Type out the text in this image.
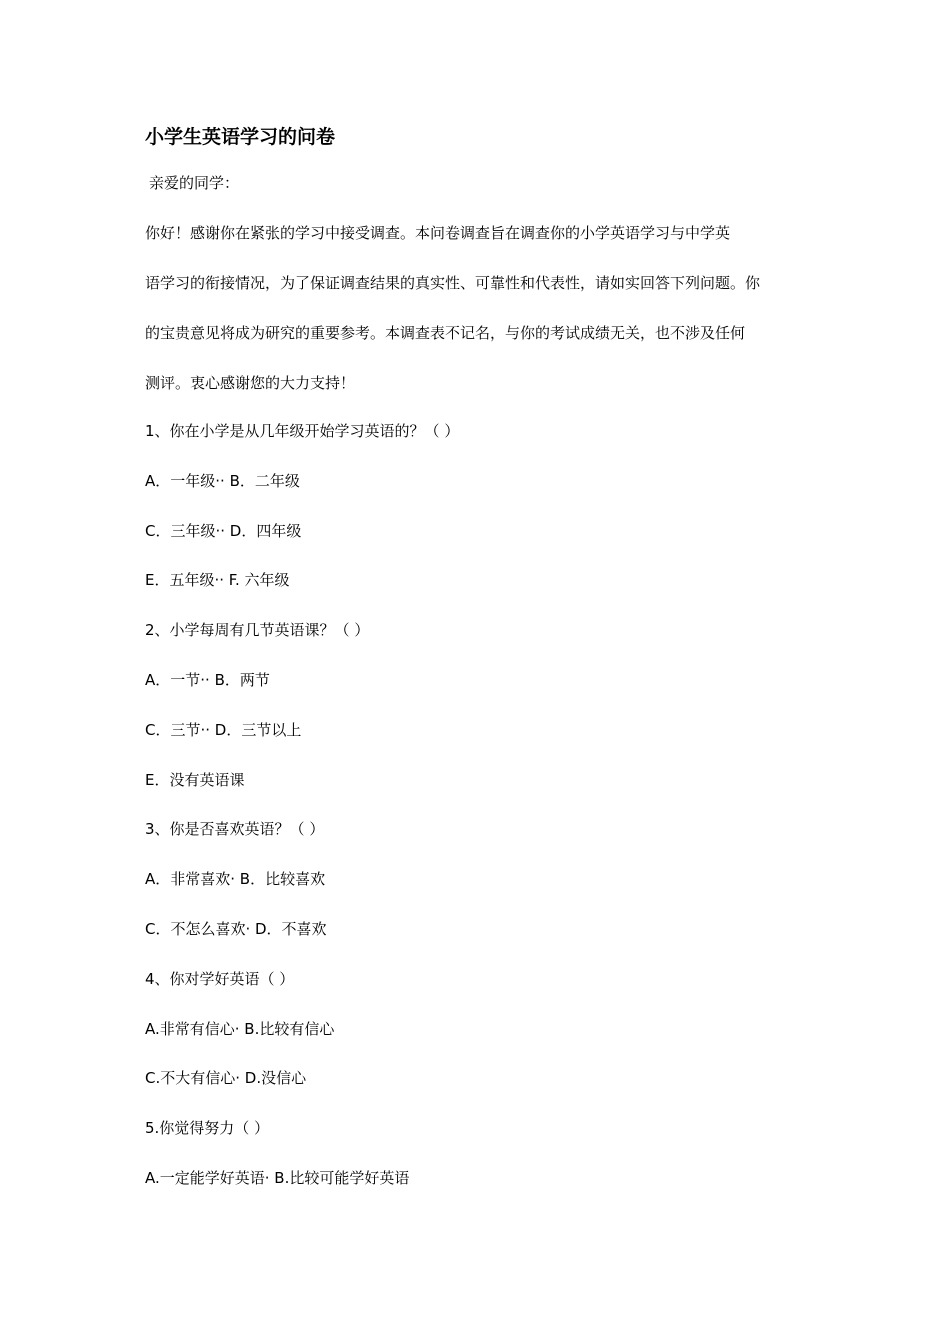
小学生英语学习的问卷
亲爱的同学：
你好！感谢你在紧张的学习中接受调查。本问卷调查旨在调查你的小学英语学习与中学英
语学习的衔接情况，为了保证调查结果的真实性、可靠性和代表性，请如实回答下列问题。你
的宝贵意见将成为研究的重要参考。本调查表不记名，与你的考试成绩无关，也不涉及任何
测评。衷心感谢您的大力支持！
1、你在小学是从几年级开始学习英语的？（ ）
A．一年级·· B．二年级
C．三年级·· D．四年级
E．五年级·· F. 六年级
2、小学每周有几节英语课？（ ）
A．一节·· B．两节
C．三节·· D．三节以上
E．没有英语课
3、你是否喜欢英语？（ ）
A．非常喜欢· B．比较喜欢
C．不怎么喜欢· D．不喜欢
4、你对学好英语（ ）
A.非常有信心· B.比较有信心
C.不大有信心· D.没信心
5.你觉得努力（ ）
A.一定能学好英语· B.比较可能学好英语
